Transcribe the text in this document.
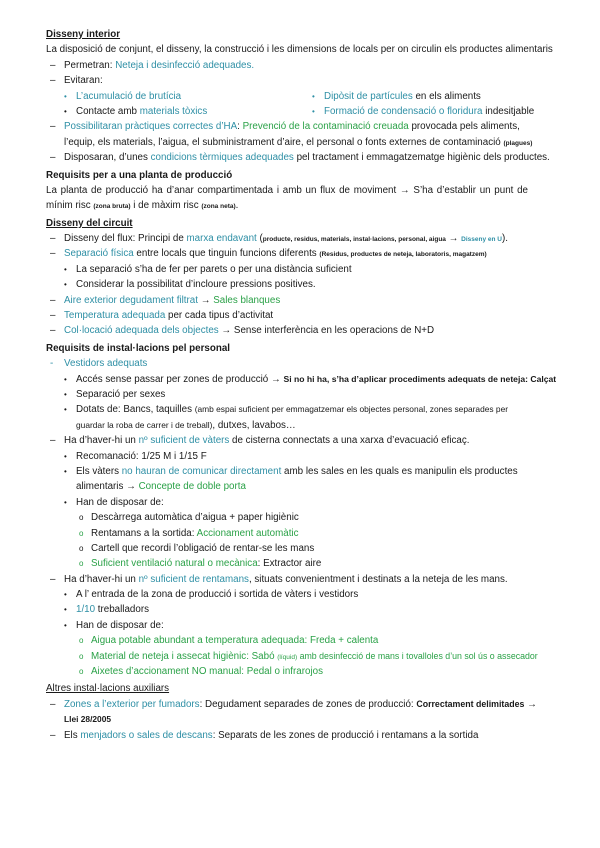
Disseny interior
La disposició de conjunt, el disseny, la construcció i les dimensions de locals per on circulin els productes alimentaris
– Permetran: Neteja i desinfecció adequades.
– Evitaran:
• L’acumulació de brutícia	• Dipòsit de partícules en els aliments
• Contacte amb materials tòxics	• Formació de condensació o floridura indesitjable
– Possibilitaran pràctiques correctes d’HA: Prevenció de la contaminació creuada provocada pels aliments,
l’equip, els materials, l’aigua, el subministrament d’aire, el personal o fonts externes de contaminació (plagues)
– Disposaran, d’unes condicions tèrmiques adequades pel tractament i emmagatzematge higiènic dels productes.
Requisits per a una planta de producció
La planta de producció ha d’anar compartimentada i amb un flux de moviment → S’ha d’establir un punt de
mínim risc (zona bruta) i de màxim risc (zona neta).
Disseny del circuit
– Disseny del flux: Principi de marxa endavant (producte, residus, materials, instal·lacions, personal, aigua → Disseny en U).
– Separació física entre locals que tinguin funcions diferents (Residus, productes de neteja, laboratoris, magatzem)
• La separació s’ha de fer per parets o per una distància suficient
• Considerar la possibilitat d’incloure pressions positives.
– Aire exterior degudament filtrat → Sales blanques
– Temperatura adequada per cada tipus d’activitat
– Col·locació adequada dels objectes → Sense interferència en les operacions de N+D
Requisits de instal·lacions pel personal
- Vestidors adequats
• Accés sense passar per zones de producció → Si no hi ha, s’ha d’aplicar procediments adequats de neteja: Calçat
• Separació per sexes
• Dotats de: Bancs, taquilles (amb espai suficient per emmagatzemar els objectes personal, zones separades per
guardar la roba de carrer i de treball), dutxes, lavabos…
– Ha d’haver-hi un nº suficient de vàters de cisterna connectats a una xarxa d’evacuació eficaç.
• Recomanació: 1/25 M i 1/15 F
• Els vàters no hauran de comunicar directament amb les sales en les quals es manipulin els productes
alimentaris → Concepte de doble porta
• Han de disposar de:
o Descàrrega automàtica d’aigua + paper higiènic
o Rentamans a la sortida: Accionament automàtic
o Cartell que recordi l’obligació de rentar-se les mans
o Suficient ventilació natural o mecànica: Extractor aire
– Ha d’haver-hi un nº suficient de rentamans, situats convenientment i destinats a la neteja de les mans.
• A l’ entrada de la zona de producció i sortida de vàters i vestidors
• 1/10 treballadors
• Han de disposar de:
o Aigua potable abundant a temperatura adequada: Freda + calenta
o Material de neteja i assecat higiènic: Sabó (líquid) amb desinfecció de mans i tovalloles d’un sol ús o assecador
o Aixetes d’accionament NO manual: Pedal o infrarojos
Altres instal·lacions auxiliars
– Zones a l’exterior per fumadors: Degudament separades de zones de producció: Correctament delimitades →
Llei 28/2005
– Els menjadors o sales de descans: Separats de les zones de producció i rentamans a la sortida
